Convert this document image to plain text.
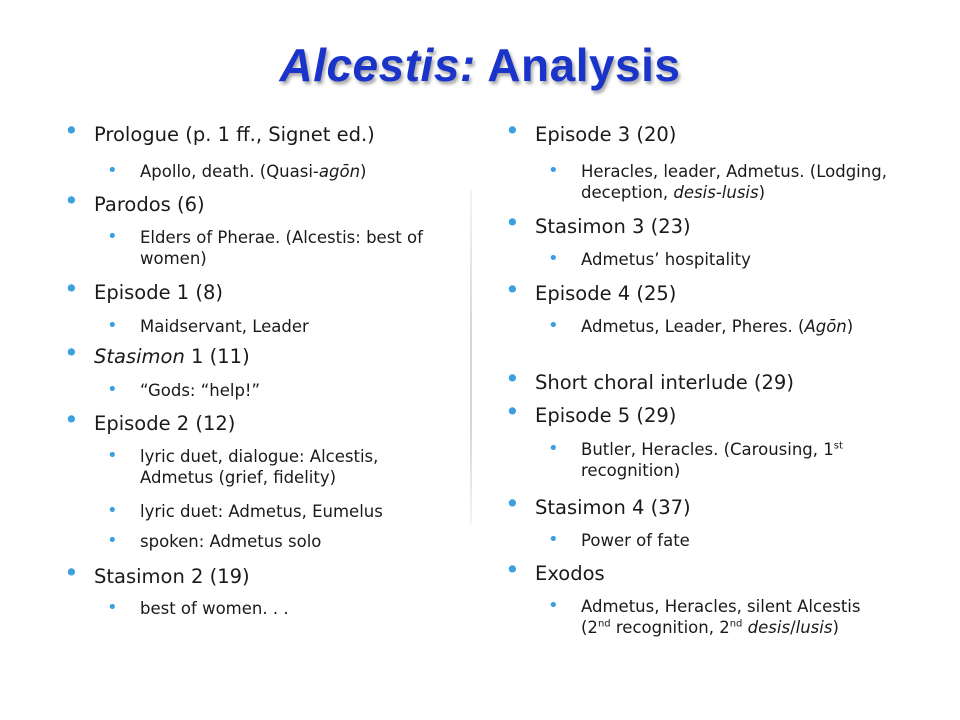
Alcestis: Analysis
• Prologue (p. 1 ff., Signet ed.)
• Apollo, death. (Quasi-agōn)
• Parodos (6)
• Elders of Pherae. (Alcestis: best of women)
• Episode 1 (8)
• Maidservant, Leader
• Stasimon 1 (11)
• “Gods: “help!”
• Episode 2 (12)
• lyric duet, dialogue: Alcestis, Admetus (grief, fidelity)
• lyric duet: Admetus, Eumelus
• spoken: Admetus solo
• Stasimon 2 (19)
• best of women. . .
• Episode 3 (20)
• Heracles, leader, Admetus. (Lodging, deception, desis-lusis)
• Stasimon 3 (23)
• Admetus’ hospitality
• Episode 4 (25)
• Admetus, Leader, Pheres. (Agōn)
• Short choral interlude (29)
• Episode 5 (29)
• Butler, Heracles. (Carousing, 1st recognition)
• Stasimon 4 (37)
• Power of fate
• Exodos
• Admetus, Heracles, silent Alcestis (2nd recognition, 2nd desis/lusis)
